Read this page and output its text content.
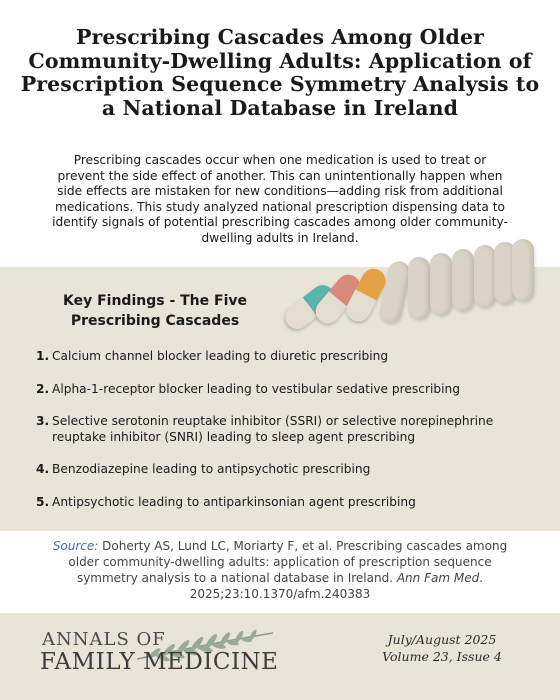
Prescribing Cascades Among Older Community-Dwelling Adults: Application of Prescription Sequence Symmetry Analysis to a National Database in Ireland

Prescribing cascades occur when one medication is used to treat or prevent the side effect of another. This can unintentionally happen when side effects are mistaken for new conditions—adding risk from additional medications. This study analyzed national prescription dispensing data to identify signals of potential prescribing cascades among older community-dwelling adults in Ireland.

Key Findings - The Five Prescribing Cascades
1. Calcium channel blocker leading to diuretic prescribing
2. Alpha-1-receptor blocker leading to vestibular sedative prescribing
3. Selective serotonin reuptake inhibitor (SSRI) or selective norepinephrine reuptake inhibitor (SNRI) leading to sleep agent prescribing
4. Benzodiazepine leading to antipsychotic prescribing
5. Antipsychotic leading to antiparkinsonian agent prescribing

Source: Doherty AS, Lund LC, Moriarty F, et al. Prescribing cascades among older community-dwelling adults: application of prescription sequence symmetry analysis to a national database in Ireland. Ann Fam Med. 2025;23:10.1370/afm.240383

ANNALS OF
FAMILY MEDICINE
July/August 2025
Volume 23, Issue 4
